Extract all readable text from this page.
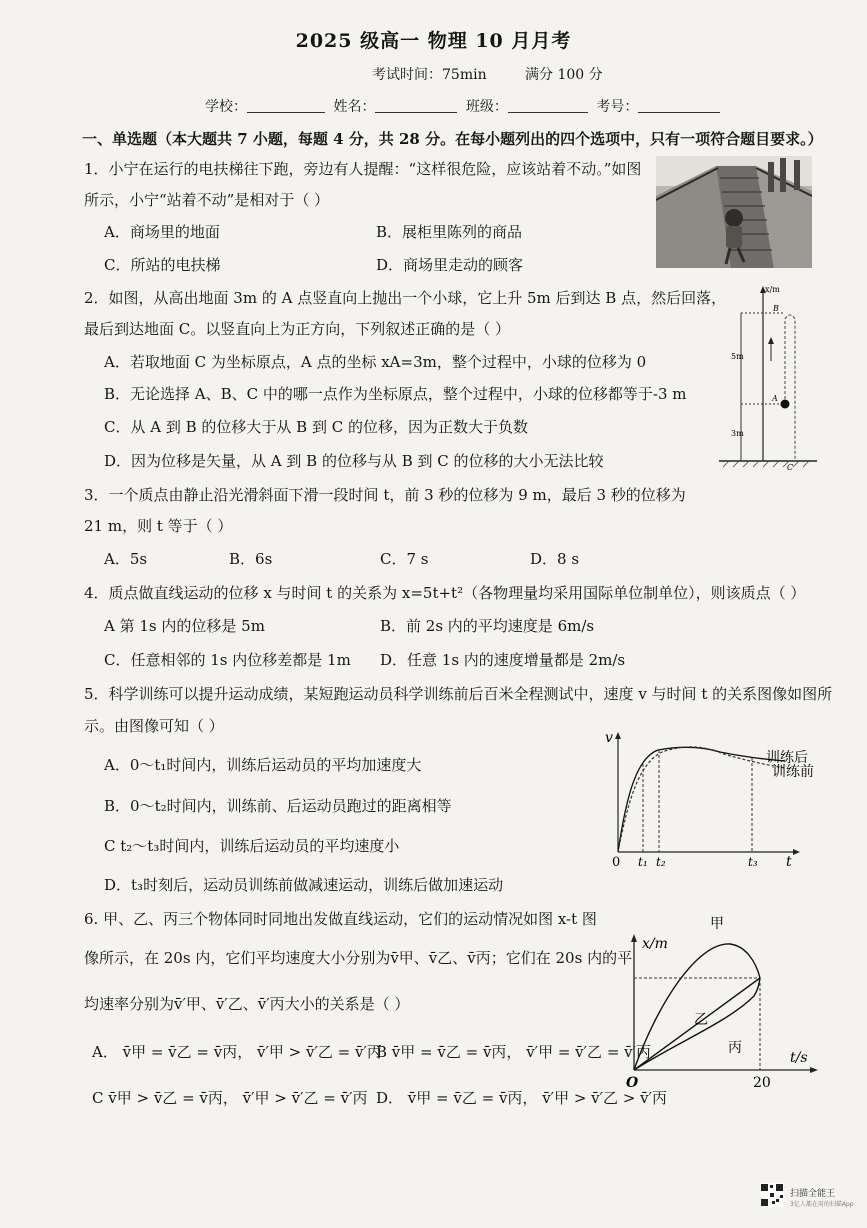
2025 级高一 物理 10 月月考
考试时间：75min	满分 100 分
学校：	姓名：	班级：	考号：
一、单选题（本大题共 7 小题，每题 4 分，共 28 分。在每小题列出的四个选项中，只有一项符合题目要求。）
1．小宁在运行的电扶梯往下跑，旁边有人提醒：“这样很危险，应该站着不动。”如图
所示，小宁“站着不动”是相对于（ ）
A．商场里的地面	B．展柜里陈列的商品
C．所站的电扶梯	D．商场里走动的顾客
2．如图，从高出地面 3m 的 A 点竖直向上抛出一个小球，它上升 5m 后到达 B 点，然后回落，
最后到达地面 C。以竖直向上为正方向，下列叙述正确的是（ ）
A．若取地面 C 为坐标原点，A 点的坐标 xA=3m，整个过程中，小球的位移为 0
B．无论选择 A、B、C 中的哪一点作为坐标原点，整个过程中，小球的位移都等于-3 m
C．从 A 到 B 的位移大于从 B 到 C 的位移，因为正数大于负数
D．因为位移是矢量，从 A 到 B 的位移与从 B 到 C 的位移的大小无法比较
x/m
5m
3m
B
A
C
3．一个质点由静止沿光滑斜面下滑一段时间 t，前 3 秒的位移为 9 m，最后 3 秒的位移为
21 m，则 t 等于（ ）
A．5s	B．6s	C．7 s	D．8 s
4．质点做直线运动的位移 x 与时间 t 的关系为 x=5t+t²（各物理量均采用国际单位制单位），则该质点（ ）
A 第 1s 内的位移是 5m	B．前 2s 内的平均速度是 6m/s
C．任意相邻的 1s 内位移差都是 1m D．任意 1s 内的速度增量都是 2m/s
5．科学训练可以提升运动成绩，某短跑运动员科学训练前后百米全程测试中，速度 v 与时间 t 的关系图像如图所
示。由图像可知（ ）
A．0～t₁时间内，训练后运动员的平均加速度大
B．0～t₂时间内，训练前、后运动员跑过的距离相等
C t₂～t₃时间内，训练后运动员的平均速度小
D．t₃时刻后，运动员训练前做减速运动，训练后做加速运动
v
t
0 t₁ t₂	t₃
训练后
训练前
6. 甲、乙、丙三个物体同时同地出发做直线运动，它们的运动情况如图 x-t 图
像所示，在 20s 内，它们平均速度大小分别为v̄甲、v̄乙、v̄丙；它们在 20s 内的平
均速率分别为v̄′甲、v̄′乙、v̄′丙大小的关系是（ ）
A． v̄甲 = v̄乙 = v̄丙， v̄′甲 > v̄′乙 = v̄′丙
B v̄甲 = v̄乙 = v̄丙， v̄′甲 = v̄′乙 = v̄′丙
C v̄甲 > v̄乙 = v̄丙， v̄′甲 > v̄′乙 = v̄′丙 D． v̄甲 = v̄乙 = v̄丙， v̄′甲 > v̄′乙 > v̄′丙
x/m
t/s
O	20
甲
乙
丙
扫描全能王
3亿人都在用的扫描App
